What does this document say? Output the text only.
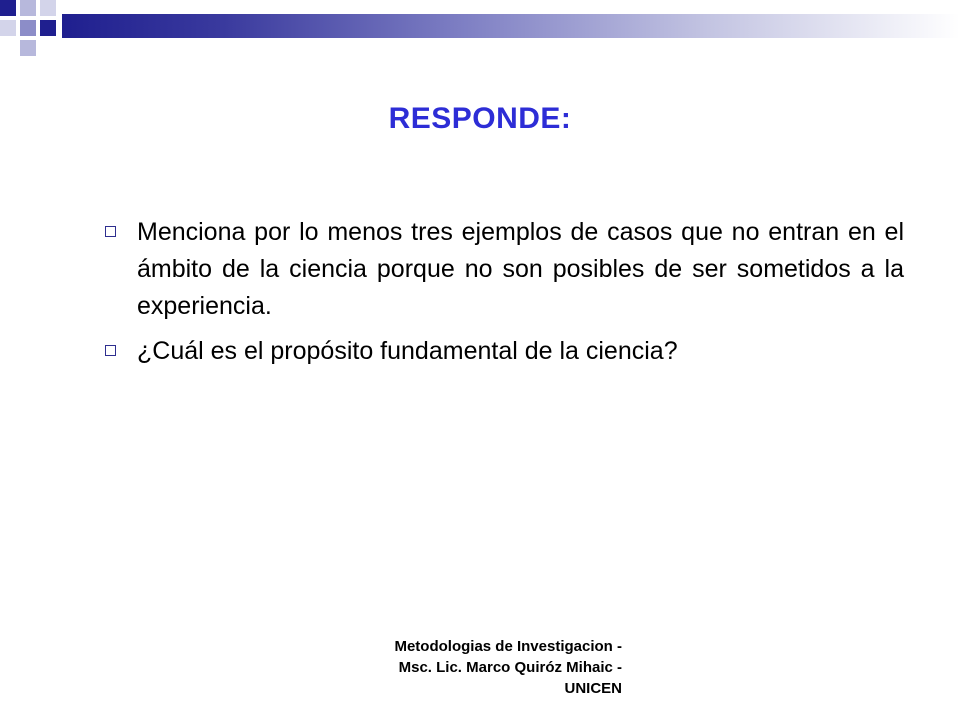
RESPONDE:
Menciona por lo menos tres ejemplos de casos que no entran en el ámbito de la ciencia porque no son posibles de ser sometidos a la experiencia.
¿Cuál es el propósito fundamental de la ciencia?
Metodologias de Investigacion -
Msc. Lic. Marco Quiróz Mihaic -
UNICEN
